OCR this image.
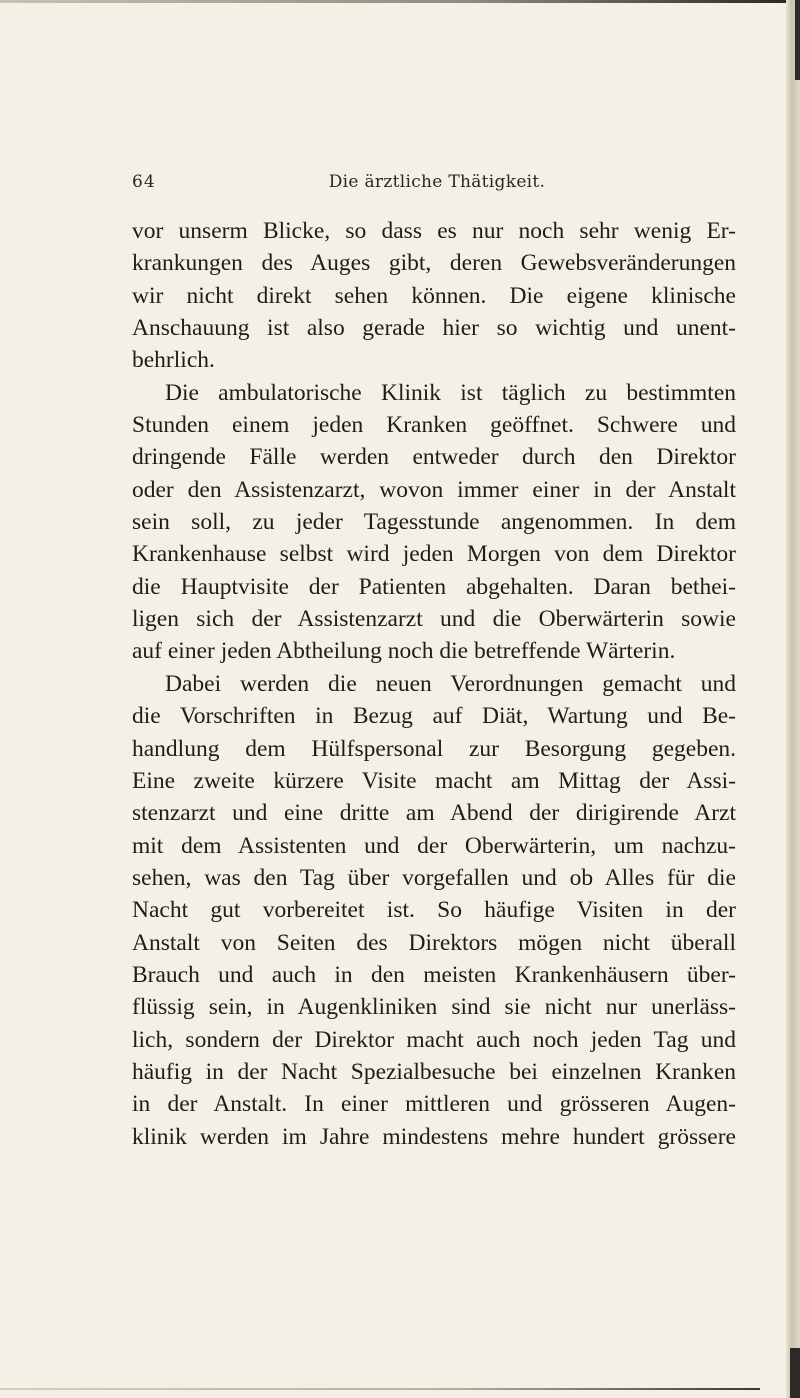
64	Die ärztliche Thätigkeit.
vor unserm Blicke, so dass es nur noch sehr wenig Er-
krankungen des Auges gibt, deren Gewebsveränderungen
wir nicht direkt sehen können. Die eigene klinische
Anschauung ist also gerade hier so wichtig und unent-
behrlich.
Die ambulatorische Klinik ist täglich zu bestimmten
Stunden einem jeden Kranken geöffnet. Schwere und
dringende Fälle werden entweder durch den Direktor
oder den Assistenzarzt, wovon immer einer in der Anstalt
sein soll, zu jeder Tagesstunde angenommen. In dem
Krankenhause selbst wird jeden Morgen von dem Direktor
die Hauptvisite der Patienten abgehalten. Daran bethei-
ligen sich der Assistenzarzt und die Oberwärterin sowie
auf einer jeden Abtheilung noch die betreffende Wärterin.
Dabei werden die neuen Verordnungen gemacht und
die Vorschriften in Bezug auf Diät, Wartung und Be-
handlung dem Hülfspersonal zur Besorgung gegeben.
Eine zweite kürzere Visite macht am Mittag der Assi-
stenzarzt und eine dritte am Abend der dirigirende Arzt
mit dem Assistenten und der Oberwärterin, um nachzu-
sehen, was den Tag über vorgefallen und ob Alles für die
Nacht gut vorbereitet ist. So häufige Visiten in der
Anstalt von Seiten des Direktors mögen nicht überall
Brauch und auch in den meisten Krankenhäusern über-
flüssig sein, in Augenkliniken sind sie nicht nur unerläss-
lich, sondern der Direktor macht auch noch jeden Tag und
häufig in der Nacht Spezialbesuche bei einzelnen Kranken
in der Anstalt. In einer mittleren und grösseren Augen-
klinik werden im Jahre mindestens mehre hundert grössere
